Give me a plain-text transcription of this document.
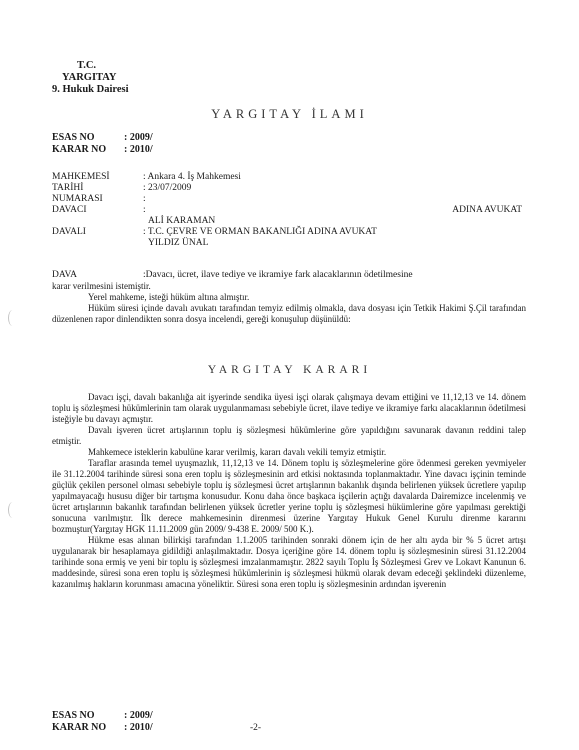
T.C.
YARGITAY
9. Hukuk Dairesi
YARGITAY İLAMI
ESAS NO	: 2009/
KARAR NO : 2010/
MAHKEMESİ	: Ankara 4. İş Mahkemesi
TARİHİ	: 23/07/2009
NUMARASI	:
DAVACI	:	ADINA AVUKAT
ALİ KARAMAN
DAVALI	: T.C. ÇEVRE VE ORMAN BAKANLIĞI ADINA AVUKAT
YILDIZ ÜNAL
DAVA	:Davacı, ücret, ilave tediye ve ikramiye fark alacaklarının ödetilmesine

karar verilmesini istemiştir.

Yerel mahkeme, isteği hüküm altına almıştır.

Hüküm süresi içinde davalı avukatı tarafından temyiz edilmiş olmakla, dava dosyası için Tetkik Hakimi Ş.Çil tarafından düzenlenen rapor dinlendikten sonra dosya incelendi, gereği konuşulup düşünüldü:

YARGITAY KARARI

Davacı işçi, davalı bakanlığa ait işyerinde sendika üyesi işçi olarak çalışmaya devam ettiğini ve 11,12,13 ve 14. dönem toplu iş sözleşmesi hükümlerinin tam olarak uygulanmaması sebebiyle ücret, ilave tediye ve ikramiye farkı alacaklarının ödetilmesi isteğiyle bu davayı açmıştır.

Davalı işveren ücret artışlarının toplu iş sözleşmesi hükümlerine göre yapıldığını savunarak davanın reddini talep etmiştir.

Mahkemece isteklerin kabulüne karar verilmiş, kararı davalı vekili temyiz etmiştir.

Taraflar arasında temel uyuşmazlık, 11,12,13 ve 14. Dönem toplu iş sözleşmelerine göre ödenmesi gereken yevmiyeler ile 31.12.2004 tarihinde süresi sona eren toplu iş sözleşmesinin ard etkisi noktasında toplanmaktadır. Yine davacı işçinin teminde güçlük çekilen personel olması sebebiyle toplu iş sözleşmesi ücret artışlarının bakanlık dışında belirlenen yüksek ücretlere yapılıp yapılmayacağı hususu diğer bir tartışma konusudur. Konu daha önce başkaca işçilerin açtığı davalarda Dairemizce incelenmiş ve ücret artışlarının bakanlık tarafından belirlenen yüksek ücretler yerine toplu iş sözleşmesi hükümlerine göre yapılması gerektiği sonucuna varılmıştır. İlk derece mahkemesinin direnmesi üzerine Yargıtay Hukuk Genel Kurulu direnme kararını bozmuştur(Yargıtay HGK 11.11.2009 gün 2009/ 9-438 E. 2009/ 500 K.).

Hükme esas alınan bilirkişi tarafından 1.1.2005 tarihinden sonraki dönem için de her altı ayda bir % 5 ücret artışı uygulanarak bir hesaplamaya gidildiği anlaşılmaktadır. Dosya içeriğine göre 14. dönem toplu iş sözleşmesinin süresi 31.12.2004 tarihinde sona ermiş ve yeni bir toplu iş sözleşmesi imzalanmamıştır. 2822 sayılı Toplu İş Sözleşmesi Grev ve Lokavt Kanunun 6. maddesinde, süresi sona eren toplu iş sözleşmesi hükümlerinin iş sözleşmesi hükmü olarak devam edeceği şeklindeki düzenleme, kazanılmış hakların korunması amacına yöneliktir. Süresi sona eren toplu iş sözleşmesinin ardından işverenin

ESAS NO	: 2009/
KARAR NO : 2010/	-2-
